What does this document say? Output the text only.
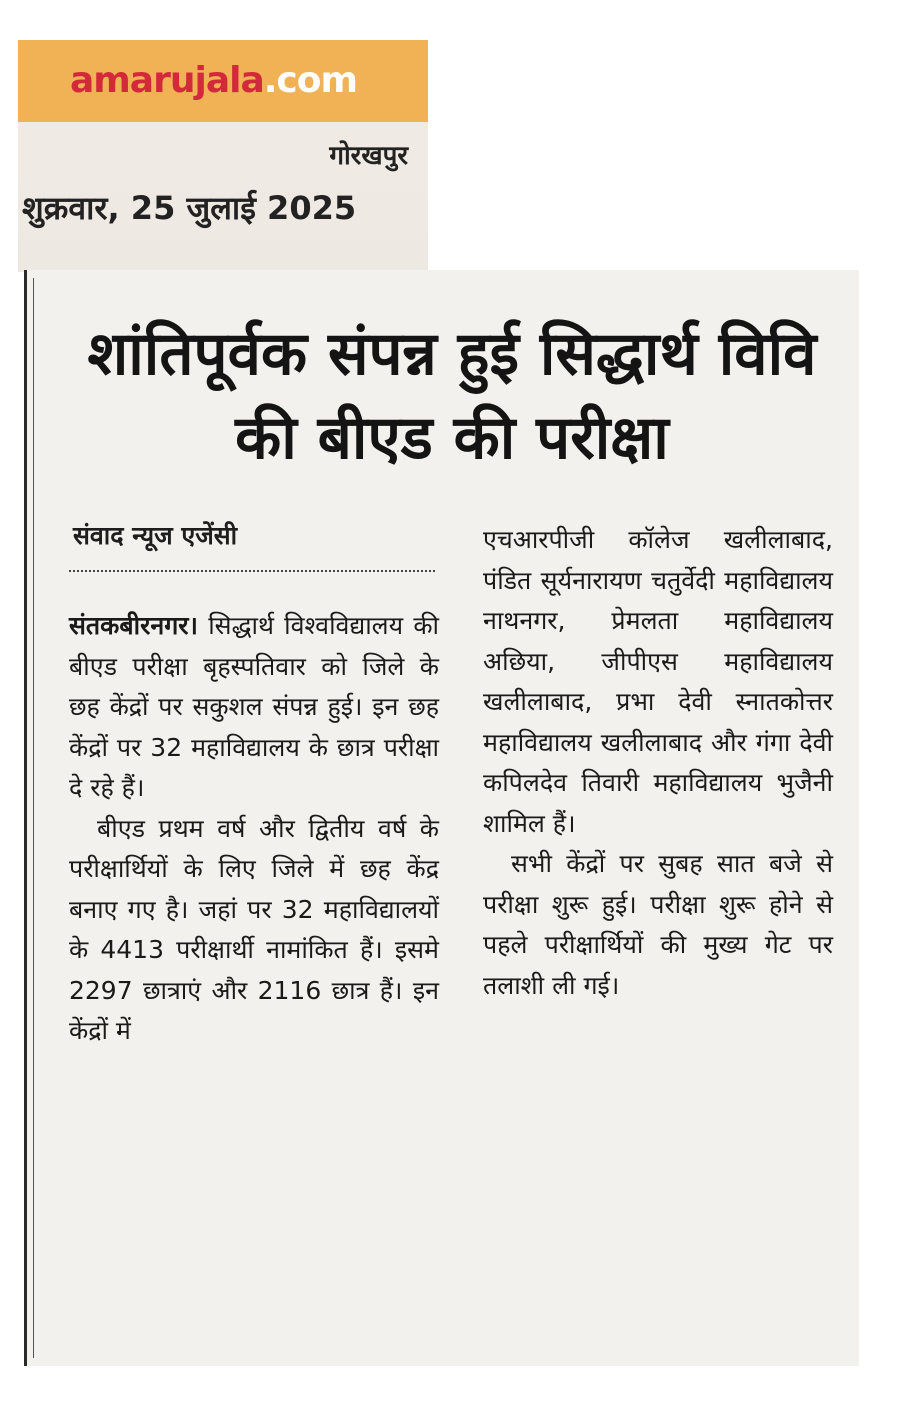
amarujala.com
गोरखपुर
शुक्रवार, 25 जुलाई 2025
शांतिपूर्वक संपन्न हुई सिद्धार्थ विवि की बीएड की परीक्षा
संवाद न्यूज एजेंसी

संतकबीरनगर। सिद्धार्थ विश्वविद्यालय की बीएड परीक्षा बृहस्पतिवार को जिले के छह केंद्रों पर सकुशल संपन्न हुई। इन छह केंद्रों पर 32 महाविद्यालय के छात्र परीक्षा दे रहे हैं।

बीएड प्रथम वर्ष और द्वितीय वर्ष के परीक्षार्थियों के लिए जिले में छह केंद्र बनाए गए है। जहां पर 32 महाविद्यालयों के 4413 परीक्षार्थी नामांकित हैं। इसमे 2297 छात्राएं और 2116 छात्र हैं। इन केंद्रों में

एचआरपीजी कॉलेज खलीलाबाद, पंडित सूर्यनारायण चतुर्वेदी महाविद्यालय नाथनगर, प्रेमलता महाविद्यालय अछिया, जीपीएस महाविद्यालय खलीलाबाद, प्रभा देवी स्नातकोत्तर महाविद्यालय खलीलाबाद और गंगा देवी कपिलदेव तिवारी महाविद्यालय भुजैनी शामिल हैं।

सभी केंद्रों पर सुबह सात बजे से परीक्षा शुरू हुई। परीक्षा शुरू होने से पहले परीक्षार्थियों की मुख्य गेट पर तलाशी ली गई।
